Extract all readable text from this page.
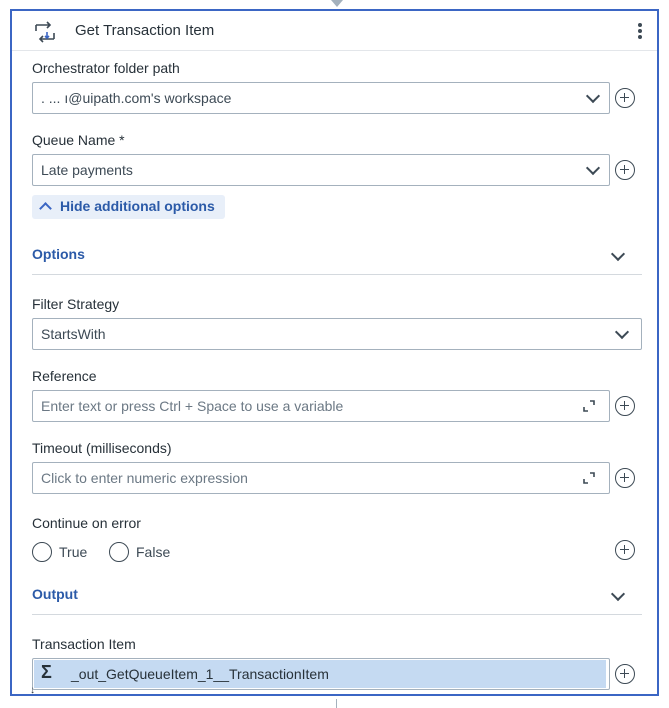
Get Transaction Item
Orchestrator folder path
. ... ı@uipath.com's workspace
Queue Name *
Late payments
Hide additional options
Options
Filter Strategy
StartsWith
Reference
Enter text or press Ctrl + Space to use a variable
Timeout (milliseconds)
Click to enter numeric expression
Continue on error
True	False
Output
Transaction Item
Σ _out_GetQueueItem_1__TransactionItem
↓
